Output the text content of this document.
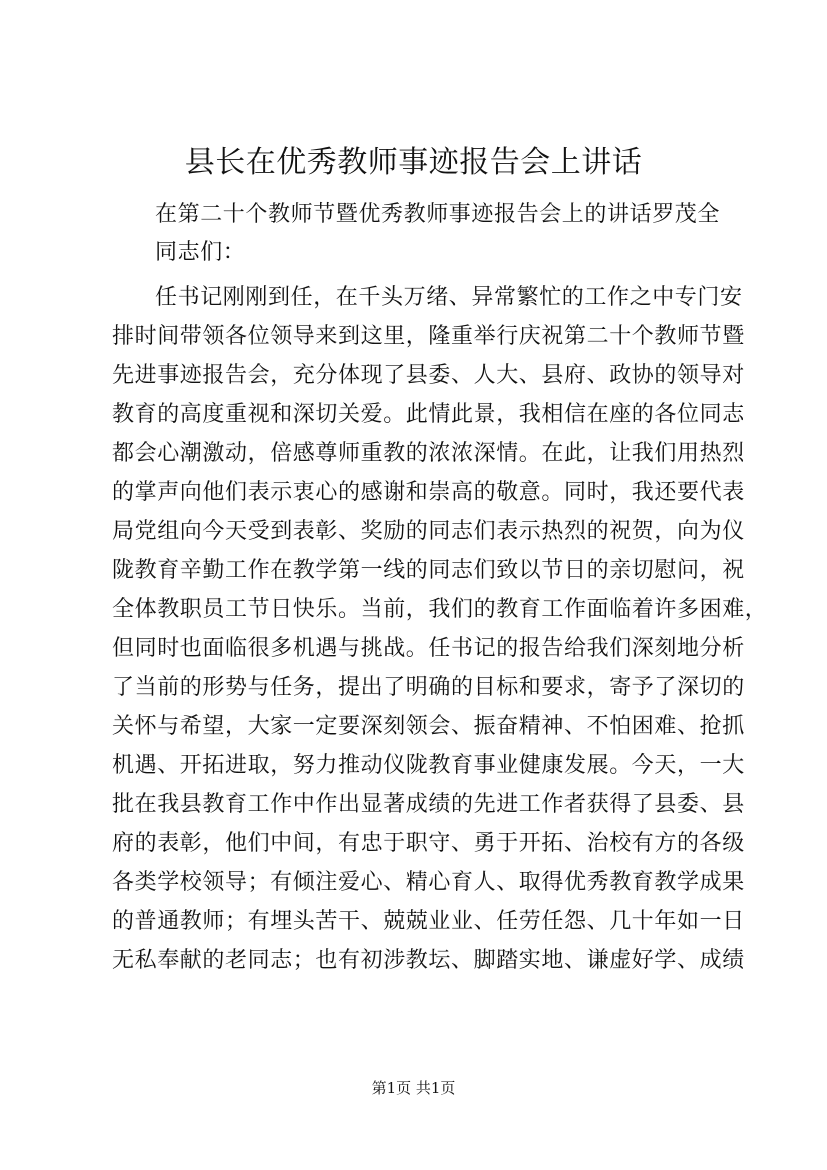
县长在优秀教师事迹报告会上讲话

在第二十个教师节暨优秀教师事迹报告会上的讲话罗茂全

同志们：

任书记刚刚到任，在千头万绪、异常繁忙的工作之中专门安

排时间带领各位领导来到这里，隆重举行庆祝第二十个教师节暨

先进事迹报告会，充分体现了县委、人大、县府、政协的领导对

教育的高度重视和深切关爱。此情此景，我相信在座的各位同志

都会心潮激动，倍感尊师重教的浓浓深情。在此，让我们用热烈

的掌声向他们表示衷心的感谢和崇高的敬意。同时，我还要代表

局党组向今天受到表彰、奖励的同志们表示热烈的祝贺，向为仪

陇教育辛勤工作在教学第一线的同志们致以节日的亲切慰问，祝

全体教职员工节日快乐。当前，我们的教育工作面临着许多困难，

但同时也面临很多机遇与挑战。任书记的报告给我们深刻地分析

了当前的形势与任务，提出了明确的目标和要求，寄予了深切的

关怀与希望，大家一定要深刻领会、振奋精神、不怕困难、抢抓

机遇、开拓进取，努力推动仪陇教育事业健康发展。今天，一大

批在我县教育工作中作出显著成绩的先进工作者获得了县委、县

府的表彰，他们中间，有忠于职守、勇于开拓、治校有方的各级

各类学校领导；有倾注爱心、精心育人、取得优秀教育教学成果

的普通教师；有埋头苦干、兢兢业业、任劳任怨、几十年如一日

无私奉献的老同志；也有初涉教坛、脚踏实地、谦虚好学、成绩

第1页 共1页
